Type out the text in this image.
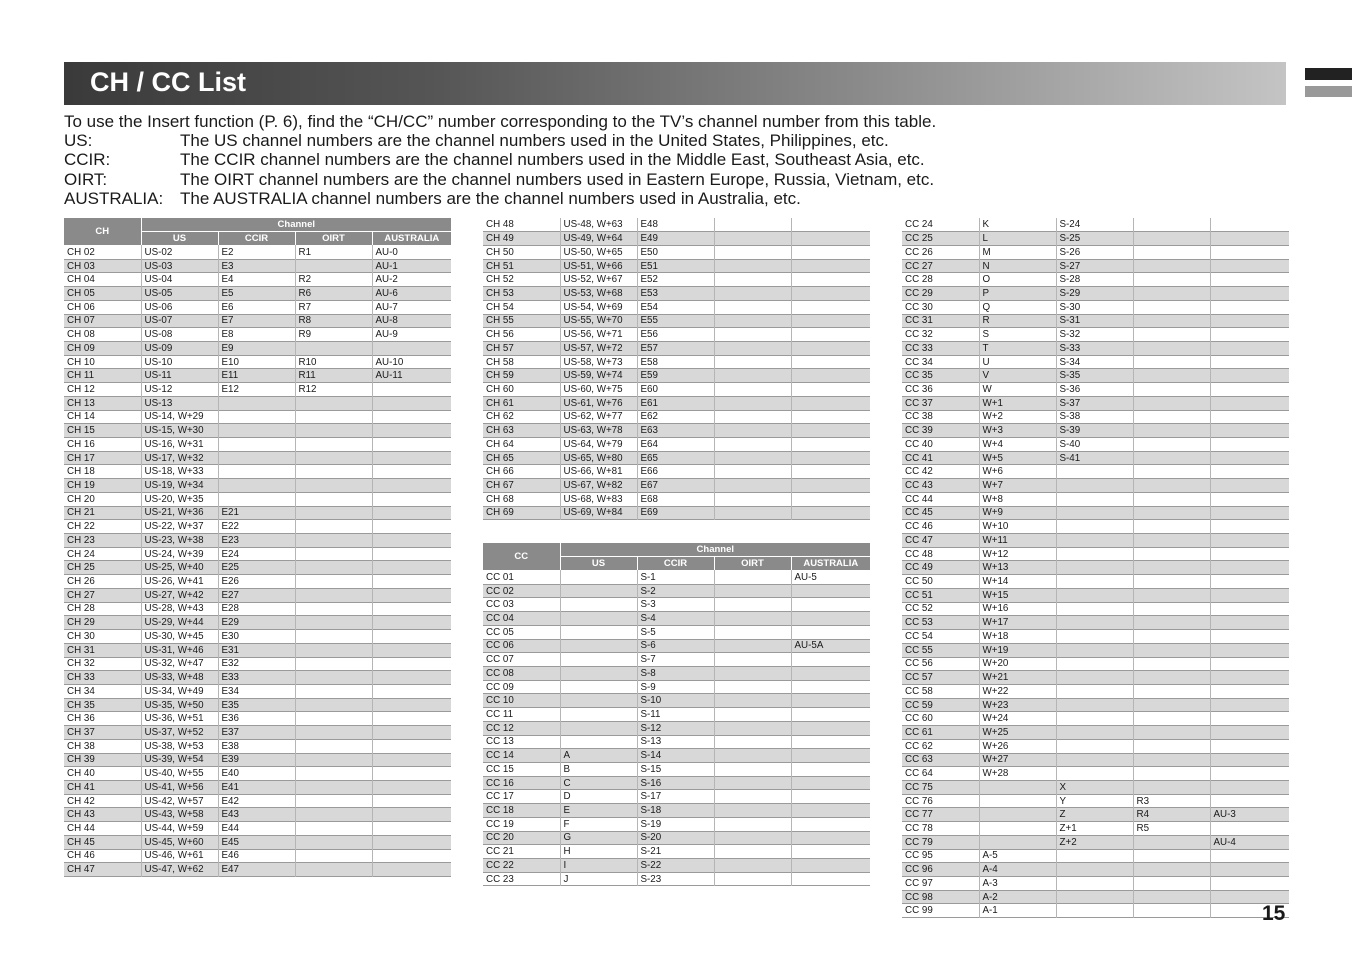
CH / CC List
To use the Insert function (P. 6), find the “CH/CC” number corresponding to the TV’s channel number from this table.
US:	The US channel numbers are the channel numbers used in the United States, Philippines, etc.
CCIR:	The CCIR channel numbers are the channel numbers used in the Middle East, Southeast Asia, etc.
OIRT:	The OIRT channel numbers are the channel numbers used in Eastern Europe, Russia, Vietnam, etc.
AUSTRALIA: The AUSTRALIA channel numbers are the channel numbers used in Australia, etc.
CH	Channel			
	US	CCIR	OIRT	AUSTRALIA
CH 02	US-02	E2	R1	AU-0
CH 03	US-03	E3		AU-1
CH 04	US-04	E4	R2	AU-2
CH 05	US-05	E5	R6	AU-6
CH 06	US-06	E6	R7	AU-7
CH 07	US-07	E7	R8	AU-8
CH 08	US-08	E8	R9	AU-9
CH 09	US-09	E9		
CH 10	US-10	E10	R10	AU-10
CH 11	US-11	E11	R11	AU-11
CH 12	US-12	E12	R12	
CH 13	US-13			
CH 14	US-14, W+29			
CH 15	US-15, W+30			
CH 16	US-16, W+31			
CH 17	US-17, W+32			
CH 18	US-18, W+33			
CH 19	US-19, W+34			
CH 20	US-20, W+35			
CH 21	US-21, W+36	E21		
CH 22	US-22, W+37	E22		
CH 23	US-23, W+38	E23		
CH 24	US-24, W+39	E24		
CH 25	US-25, W+40	E25		
CH 26	US-26, W+41	E26		
CH 27	US-27, W+42	E27		
CH 28	US-28, W+43	E28		
CH 29	US-29, W+44	E29		
CH 30	US-30, W+45	E30		
CH 31	US-31, W+46	E31		
CH 32	US-32, W+47	E32		
CH 33	US-33, W+48	E33		
CH 34	US-34, W+49	E34		
CH 35	US-35, W+50	E35		
CH 36	US-36, W+51	E36		
CH 37	US-37, W+52	E37		
CH 38	US-38, W+53	E38		
CH 39	US-39, W+54	E39		
CH 40	US-40, W+55	E40		
CH 41	US-41, W+56	E41		
CH 42	US-42, W+57	E42		
CH 43	US-43, W+58	E43		
CH 44	US-44, W+59	E44		
CH 45	US-45, W+60	E45		
CH 46	US-46, W+61	E46		
CH 47	US-47, W+62	E47		
CH 48	US-48, W+63	E48		
CH 49	US-49, W+64	E49		
CH 50	US-50, W+65	E50		
CH 51	US-51, W+66	E51		
CH 52	US-52, W+67	E52		
CH 53	US-53, W+68	E53		
CH 54	US-54, W+69	E54		
CH 55	US-55, W+70	E55		
CH 56	US-56, W+71	E56		
CH 57	US-57, W+72	E57		
CH 58	US-58, W+73	E58		
CH 59	US-59, W+74	E59		
CH 60	US-60, W+75	E60		
CH 61	US-61, W+76	E61		
CH 62	US-62, W+77	E62		
CH 63	US-63, W+78	E63		
CH 64	US-64, W+79	E64		
CH 65	US-65, W+80	E65		
CH 66	US-66, W+81	E66		
CH 67	US-67, W+82	E67		
CH 68	US-68, W+83	E68		
CH 69	US-69, W+84	E69		
CC	Channel			
	US	CCIR	OIRT	AUSTRALIA
CC 01		S-1		AU-5
CC 02		S-2		
CC 03		S-3		
CC 04		S-4		
CC 05		S-5		
CC 06		S-6		AU-5A
CC 07		S-7		
CC 08		S-8		
CC 09		S-9		
CC 10		S-10		
CC 11		S-11		
CC 12		S-12		
CC 13		S-13		
CC 14	A	S-14		
CC 15	B	S-15		
CC 16	C	S-16		
CC 17	D	S-17		
CC 18	E	S-18		
CC 19	F	S-19		
CC 20	G	S-20		
CC 21	H	S-21		
CC 22	I	S-22		
CC 23	J	S-23		
CC 24	K	S-24		
CC 25	L	S-25		
CC 26	M	S-26		
CC 27	N	S-27		
CC 28	O	S-28		
CC 29	P	S-29		
CC 30	Q	S-30		
CC 31	R	S-31		
CC 32	S	S-32		
CC 33	T	S-33		
CC 34	U	S-34		
CC 35	V	S-35		
CC 36	W	S-36		
CC 37	W+1	S-37		
CC 38	W+2	S-38		
CC 39	W+3	S-39		
CC 40	W+4	S-40		
CC 41	W+5	S-41		
CC 42	W+6			
CC 43	W+7			
CC 44	W+8			
CC 45	W+9			
CC 46	W+10			
CC 47	W+11			
CC 48	W+12			
CC 49	W+13			
CC 50	W+14			
CC 51	W+15			
CC 52	W+16			
CC 53	W+17			
CC 54	W+18			
CC 55	W+19			
CC 56	W+20			
CC 57	W+21			
CC 58	W+22			
CC 59	W+23			
CC 60	W+24			
CC 61	W+25			
CC 62	W+26			
CC 63	W+27			
CC 64	W+28			
CC 75		X		
CC 76		Y	R3	
CC 77		Z	R4	AU-3
CC 78		Z+1	R5	
CC 79		Z+2		AU-4
CC 95	A-5			
CC 96	A-4			
CC 97	A-3			
CC 98	A-2			
CC 99	A-1				15
